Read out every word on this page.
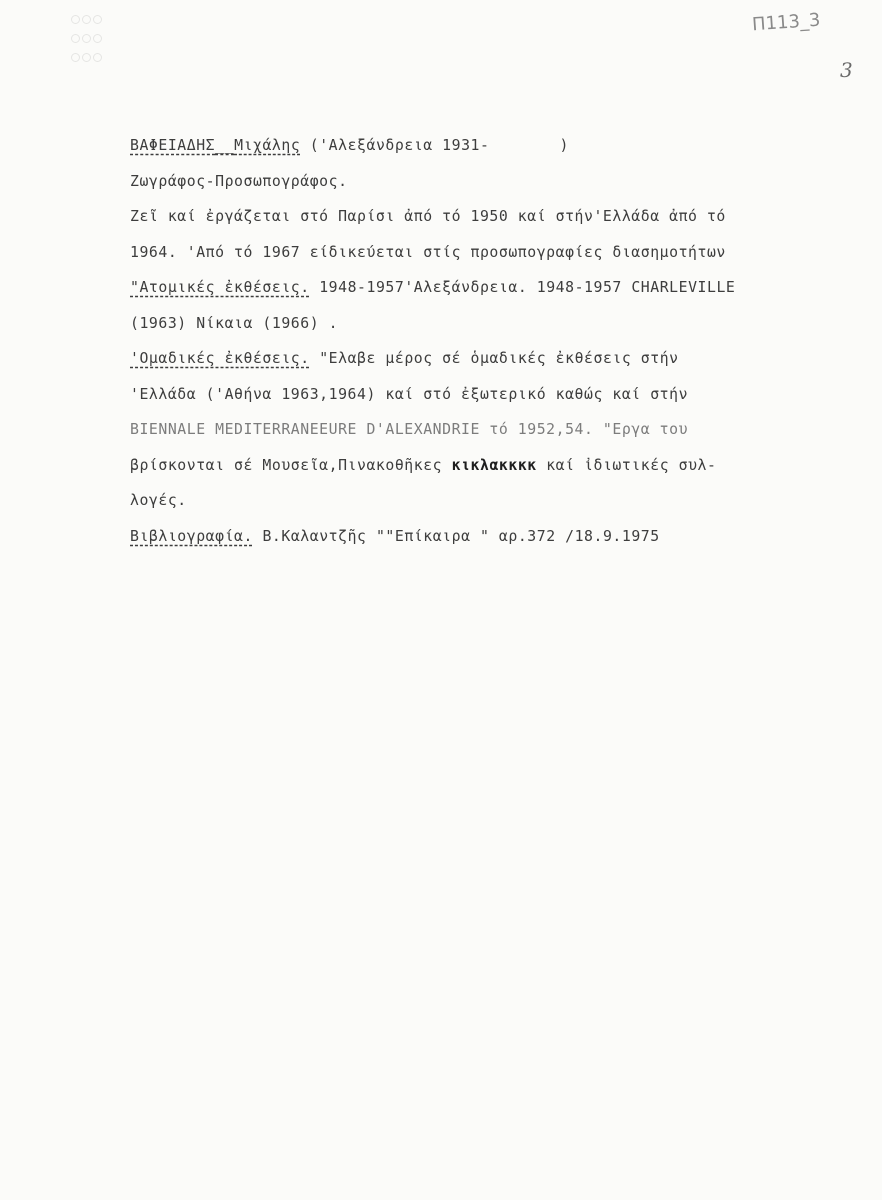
Π113_3
3
ΒΑΦΕΙΑΔΗΣ__Μιχάλης ('Αλεξάνδρεια 1931-	)
Ζωγράφος-Προσωπογράφος.
Ζεῖ καί ἐργάζεται στό Παρίσι ἀπό τό 1950 καί στήν'Ελλάδα ἀπό τό
1964. 'Από τό 1967 είδικεύεται στίς προσωπογραφίες διασημοτήτων
"Ατομικές ἐκθέσεις. 1948-1957'Αλεξάνδρεια. 1948-1957 CHARLEVILLE
(1963) Νίκαια (1966) .
'Ομαδικές ἐκθέσεις. "Ελαβε μέρος σέ ὁμαδικές ἐκθέσεις στήν
'Ελλάδα ('Αθήνα 1963,1964) καί στό ἐξωτερικό καθώς καί στήν
BIENNALE MEDITERRANEEURE D'ALEXANDRIE τό 1952,54. "Εργα του
βρίσκονται σέ Μουσεῖα,Πινακοθῆκες κικλακκκκ καί ἰδιωτικές συλ-
λογές.
Βιβλιογραφία. Β.Καλαντζῆς ""Επίκαιρα " αρ.372 /18.9.1975
